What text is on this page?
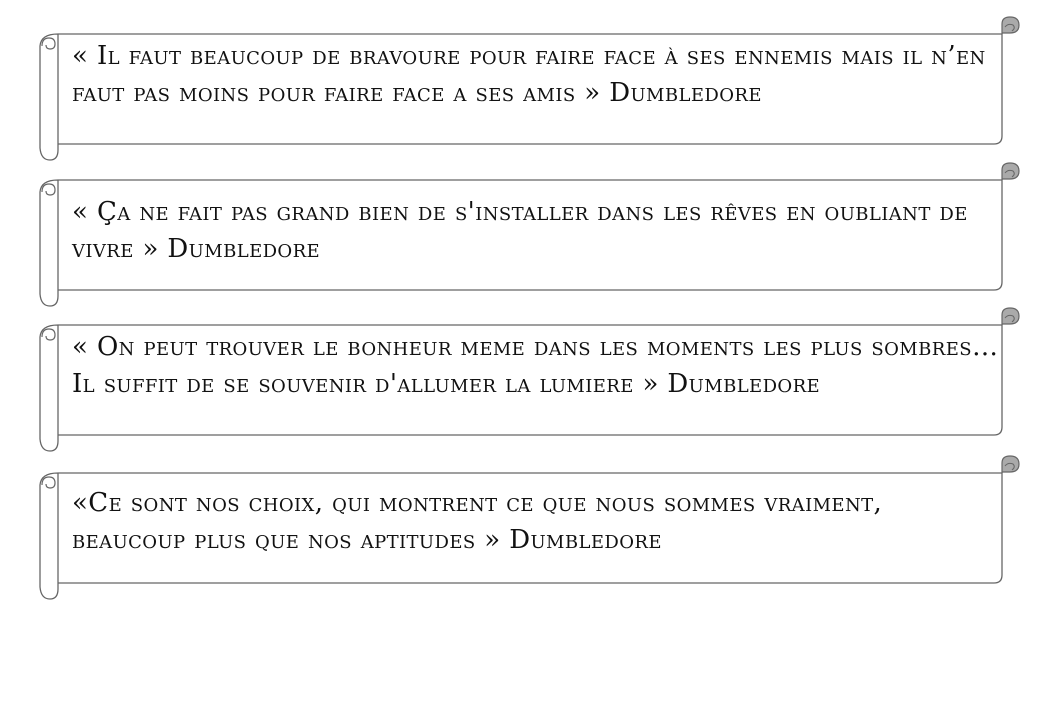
« Il faut beaucoup de bravoure pour faire face à ses ennemis mais il n’en faut pas moins pour faire face a ses amis » Dumbledore
« Ça ne fait pas grand bien de s'installer dans les rêves en oubliant de vivre » Dumbledore
« On peut trouver le bonheur meme dans les moments les plus sombres… Il suffit de se souvenir d'allumer la lumiere » Dumbledore
«Ce sont nos choix, qui montrent ce que nous sommes vraiment, beaucoup plus que nos aptitudes » Dumbledore
